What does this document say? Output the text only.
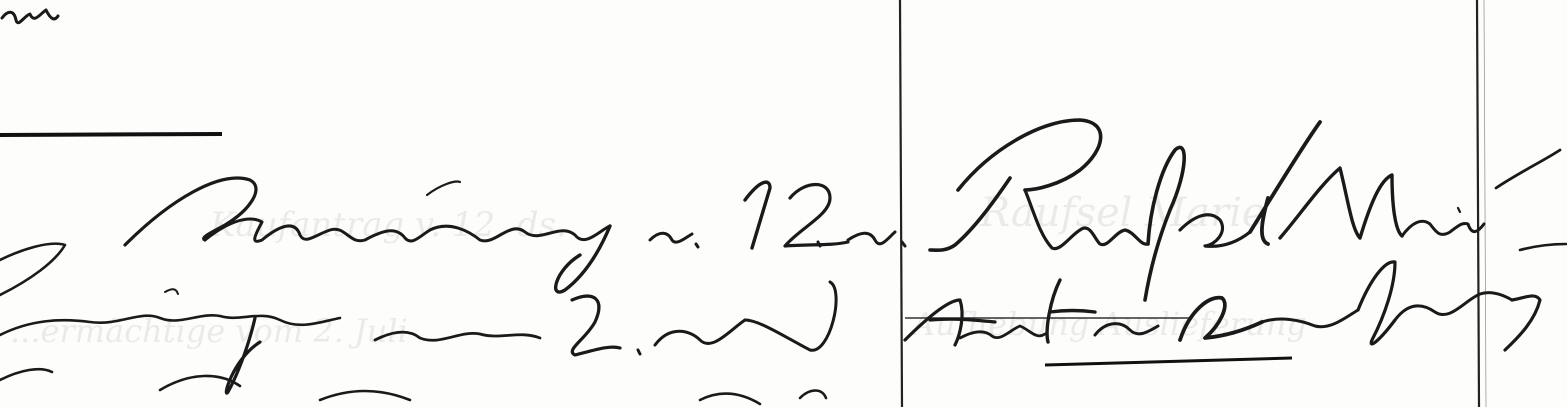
Kaufantrag v. 12. ds.
...ermächtige vom 2. Juli
Raufsel Marie
Aufhebung Auslieferung
